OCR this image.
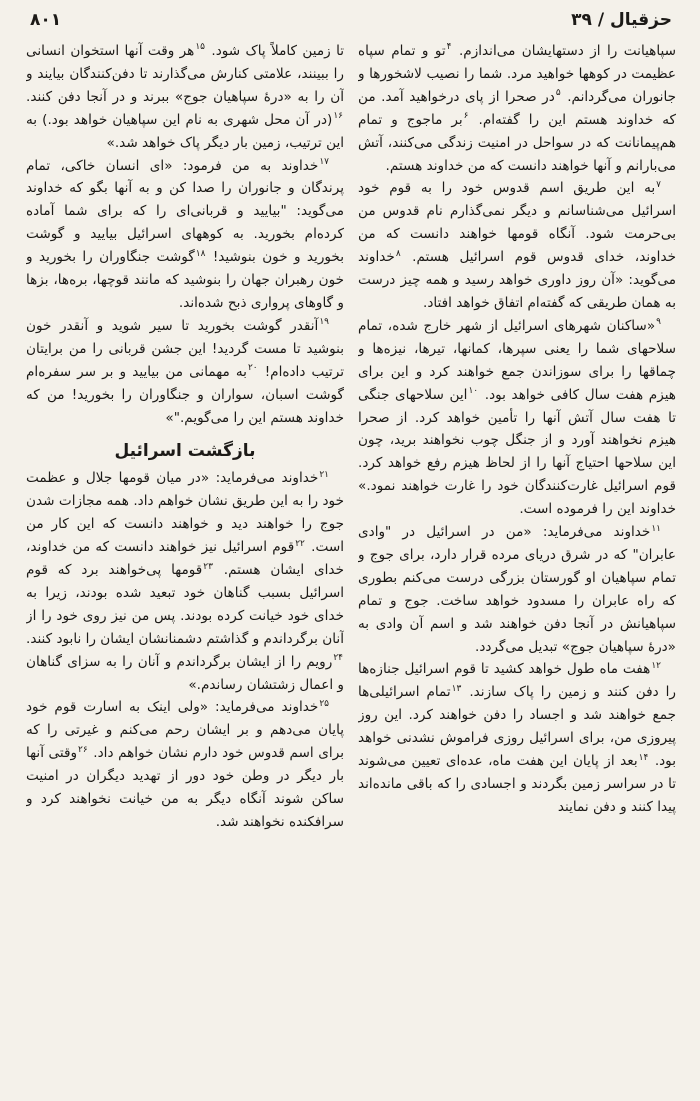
حزقیال / ۳۹
۸۰۱

سپاهیانت را از دستهایشان می‌اندازم. $^۴$تو و تمام سپاه عظیمت در کوهها خواهید مرد. شما را نصیب لاشخورها و جانوران می‌گردانم. $^۵$در صحرا از پای درخواهید آمد. من که خداوند هستم این را گفته‌ام. $^۶$بر ماجوج و تمام هم‌پیمانانت که در سواحل در امنیت زندگی می‌کنند، آتش می‌بارانم و آنها خواهند دانست که من خداوند هستم.

$^۷$به این طریق اسم قدوس خود را به قوم خود اسرائیل می‌شناسانم و دیگر نمی‌گذارم نام قدوس من بی‌حرمت شود. آنگاه قومها خواهند دانست که من خداوند، خدای قدوس قوم اسرائیل هستم. $^۸$خداوند می‌گوید: «آن روز داوری خواهد رسید و همه چیز درست به همان طریقی که گفته‌ام اتفاق خواهد افتاد.

$^۹$«ساکنان شهرهای اسرائیل از شهر خارج شده، تمام سلاحهای شما را یعنی سپرها، کمانها، تیرها، نیزه‌ها و چماقها را برای سوزاندن جمع خواهند کرد و این برای هیزم هفت سال کافی خواهد بود. $^{۱۰}$این سلاحهای جنگی تا هفت سال آتش آنها را تأمین خواهد کرد. از صحرا هیزم نخواهند آورد و از جنگل چوب نخواهند برید، چون این سلاحها احتیاج آنها را از لحاظ هیزم رفع خواهد کرد. قوم اسرائیل غارت‌کنندگان خود را غارت خواهند نمود.» خداوند این را فرموده است.

$^{۱۱}$خداوند می‌فرماید: «من در اسرائیل در "وادی عابران" که در شرق دریای مرده قرار دارد، برای جوج و تمام سپاهیان او گورستان بزرگی درست می‌کنم بطوری که راه عابران را مسدود خواهد ساخت. جوج و تمام سپاهیانش در آنجا دفن خواهند شد و اسم آن وادی به «درهٔ سپاهیان جوج» تبدیل می‌گردد.

$^{۱۲}$هفت ماه طول خواهد کشید تا قوم اسرائیل جنازه‌ها را دفن کنند و زمین را پاک سازند. $^{۱۳}$تمام اسرائیلی‌ها جمع خواهند شد و اجساد را دفن خواهند کرد. این روز پیروزی من، برای اسرائیل روزی فراموش نشدنی خواهد بود. $^{۱۴}$بعد از پایان این هفت ماه، عده‌ای تعیین می‌شوند تا در سراسر زمین بگردند و اجسادی را که باقی مانده‌اند پیدا کنند و دفن نمایند

تا زمین کاملاً پاک شود. $^{۱۵}$هر وقت آنها استخوان انسانی را ببینند، علامتی کنارش می‌گذارند تا دفن‌کنندگان بیایند و آن را به «درهٔ سپاهیان جوج» ببرند و در آنجا دفن کنند. $^{۱۶}$(در آن محل شهری به نام این سپاهیان خواهد بود.) به این ترتیب، زمین بار دیگر پاک خواهد شد.»

$^{۱۷}$خداوند به من فرمود: «ای انسان خاکی، تمام پرندگان و جانوران را صدا کن و به آنها بگو که خداوند می‌گوید: "بیایید و قربانی‌ای را که برای شما آماده کرده‌ام بخورید. به کوههای اسرائیل بیایید و گوشت بخورید و خون بنوشید! $^{۱۸}$گوشت جنگاوران را بخورید و خون رهبران جهان را بنوشید که مانند قوچها، بره‌ها، بزها و گاوهای پرواری ذبح شده‌اند.

$^{۱۹}$آنقدر گوشت بخورید تا سیر شوید و آنقدر خون بنوشید تا مست گردید! این جشن قربانی را من برایتان ترتیب داده‌ام! $^{۲۰}$به مهمانی من بیایید و بر سر سفره‌ام گوشت اسبان، سواران و جنگاوران را بخورید! من که خداوند هستم این را می‌گویم."»

بازگشت اسرائیل

$^{۲۱}$خداوند می‌فرماید: «در میان قومها جلال و عظمت خود را به این طریق نشان خواهم داد. همه مجازات شدن جوج را خواهند دید و خواهند دانست که این کار من است. $^{۲۲}$قوم اسرائیل نیز خواهند دانست که من خداوند، خدای ایشان هستم. $^{۲۳}$قومها پی‌خواهند برد که قوم اسرائیل بسبب گناهان خود تبعید شده بودند، زیرا به خدای خود خیانت کرده بودند. پس من نیز روی خود را از آنان برگرداندم و گذاشتم دشمنانشان ایشان را نابود کنند. $^{۲۴}$رویم را از ایشان برگرداندم و آنان را به سزای گناهان و اعمال زشتشان رساندم.»

$^{۲۵}$خداوند می‌فرماید: «ولی اینک به اسارت قوم خود پایان می‌دهم و بر ایشان رحم می‌کنم و غیرتی را که برای اسم قدوس خود دارم نشان خواهم داد. $^{۲۶}$وقتی آنها بار دیگر در وطن خود دور از تهدید دیگران در امنیت ساکن شوند آنگاه دیگر به من خیانت نخواهند کرد و سرافکنده نخواهند شد.
